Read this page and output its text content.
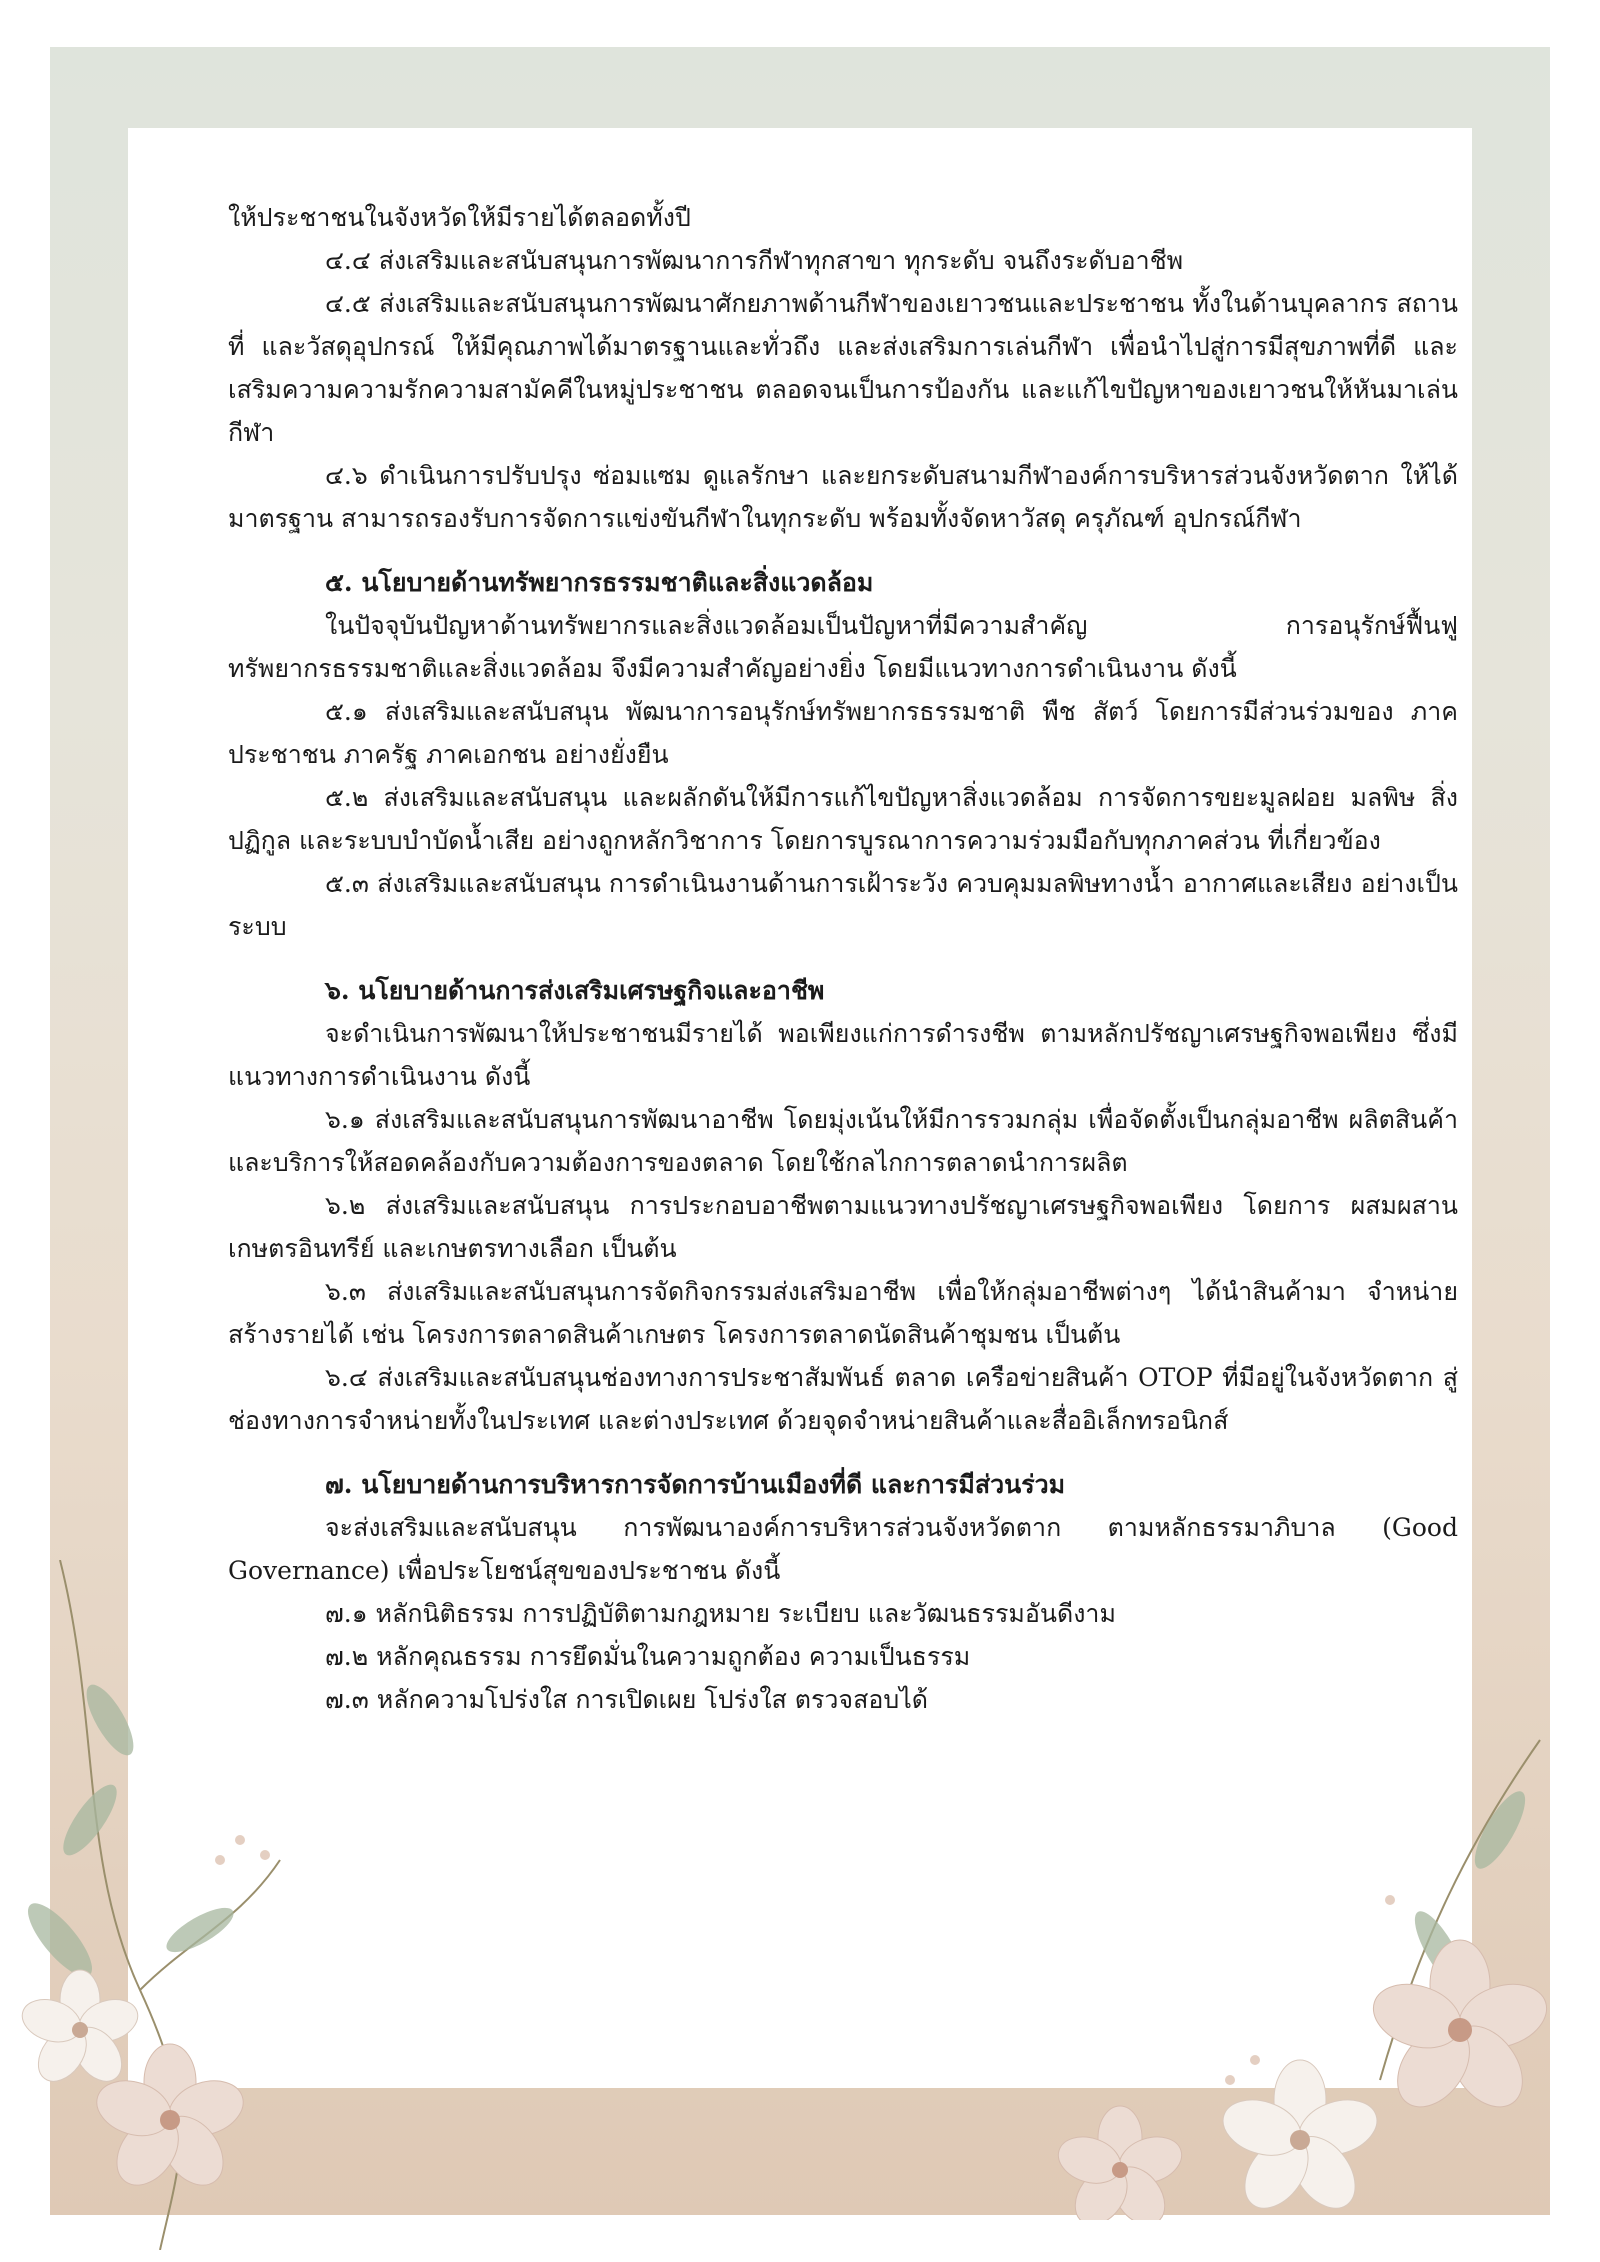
ให้ประชาชนในจังหวัดให้มีรายได้ตลอดทั้งปี
๔.๔ ส่งเสริมและสนับสนุนการพัฒนาการกีฬาทุกสาขา ทุกระดับ จนถึงระดับอาชีพ
๔.๕ ส่งเสริมและสนับสนุนการพัฒนาศักยภาพด้านกีฬาของเยาวชนและประชาชน ทั้งในด้านบุคลากร สถานที่ และวัสดุอุปกรณ์ ให้มีคุณภาพได้มาตรฐานและทั่วถึง และส่งเสริมการเล่นกีฬา เพื่อนำไปสู่การมีสุขภาพที่ดี และเสริมความความรักความสามัคคีในหมู่ประชาชน ตลอดจนเป็นการป้องกัน และแก้ไขปัญหาของเยาวชนให้หันมาเล่นกีฬา
๔.๖ ดำเนินการปรับปรุง ซ่อมแซม ดูแลรักษา และยกระดับสนามกีฬาองค์การบริหารส่วนจังหวัดตาก ให้ได้มาตรฐาน สามารถรองรับการจัดการแข่งขันกีฬาในทุกระดับ พร้อมทั้งจัดหาวัสดุ ครุภัณฑ์ อุปกรณ์กีฬา
๕. นโยบายด้านทรัพยากรธรรมชาติและสิ่งแวดล้อม
ในปัจจุบันปัญหาด้านทรัพยากรและสิ่งแวดล้อมเป็นปัญหาที่มีความสำคัญ การอนุรักษ์ฟื้นฟู ทรัพยากรธรรมชาติและสิ่งแวดล้อม จึงมีความสำคัญอย่างยิ่ง โดยมีแนวทางการดำเนินงาน ดังนี้
๕.๑ ส่งเสริมและสนับสนุน พัฒนาการอนุรักษ์ทรัพยากรธรรมชาติ พืช สัตว์ โดยการมีส่วนร่วมของ ภาคประชาชน ภาครัฐ ภาคเอกชน อย่างยั่งยืน
๕.๒ ส่งเสริมและสนับสนุน และผลักดันให้มีการแก้ไขปัญหาสิ่งแวดล้อม การจัดการขยะมูลฝอย มลพิษ สิ่งปฏิกูล และระบบบำบัดน้ำเสีย อย่างถูกหลักวิชาการ โดยการบูรณาการความร่วมมือกับทุกภาคส่วน ที่เกี่ยวข้อง
๕.๓ ส่งเสริมและสนับสนุน การดำเนินงานด้านการเฝ้าระวัง ควบคุมมลพิษทางน้ำ อากาศและเสียง อย่างเป็นระบบ
๖. นโยบายด้านการส่งเสริมเศรษฐกิจและอาชีพ
จะดำเนินการพัฒนาให้ประชาชนมีรายได้ พอเพียงแก่การดำรงชีพ ตามหลักปรัชญาเศรษฐกิจพอเพียง ซึ่งมีแนวทางการดำเนินงาน ดังนี้
๖.๑ ส่งเสริมและสนับสนุนการพัฒนาอาชีพ โดยมุ่งเน้นให้มีการรวมกลุ่ม เพื่อจัดตั้งเป็นกลุ่มอาชีพ ผลิตสินค้าและบริการให้สอดคล้องกับความต้องการของตลาด โดยใช้กลไกการตลาดนำการผลิต
๖.๒ ส่งเสริมและสนับสนุน การประกอบอาชีพตามแนวทางปรัชญาเศรษฐกิจพอเพียง โดยการ ผสมผสานเกษตรอินทรีย์ และเกษตรทางเลือก เป็นต้น
๖.๓ ส่งเสริมและสนับสนุนการจัดกิจกรรมส่งเสริมอาชีพ เพื่อให้กลุ่มอาชีพต่างๆ ได้นำสินค้ามา จำหน่ายสร้างรายได้ เช่น โครงการตลาดสินค้าเกษตร โครงการตลาดนัดสินค้าชุมชน เป็นต้น
๖.๔ ส่งเสริมและสนับสนุนช่องทางการประชาสัมพันธ์ ตลาด เครือข่ายสินค้า OTOP ที่มีอยู่ในจังหวัดตาก สู่ช่องทางการจำหน่ายทั้งในประเทศ และต่างประเทศ ด้วยจุดจำหน่ายสินค้าและสื่ออิเล็กทรอนิกส์
๗. นโยบายด้านการบริหารการจัดการบ้านเมืองที่ดี และการมีส่วนร่วม
จะส่งเสริมและสนับสนุน การพัฒนาองค์การบริหารส่วนจังหวัดตาก ตามหลักธรรมาภิบาล (Good Governance) เพื่อประโยชน์สุขของประชาชน ดังนี้
๗.๑ หลักนิติธรรม การปฏิบัติตามกฎหมาย ระเบียบ และวัฒนธรรมอันดีงาม
๗.๒ หลักคุณธรรม การยึดมั่นในความถูกต้อง ความเป็นธรรม
๗.๓ หลักความโปร่งใส การเปิดเผย โปร่งใส ตรวจสอบได้
